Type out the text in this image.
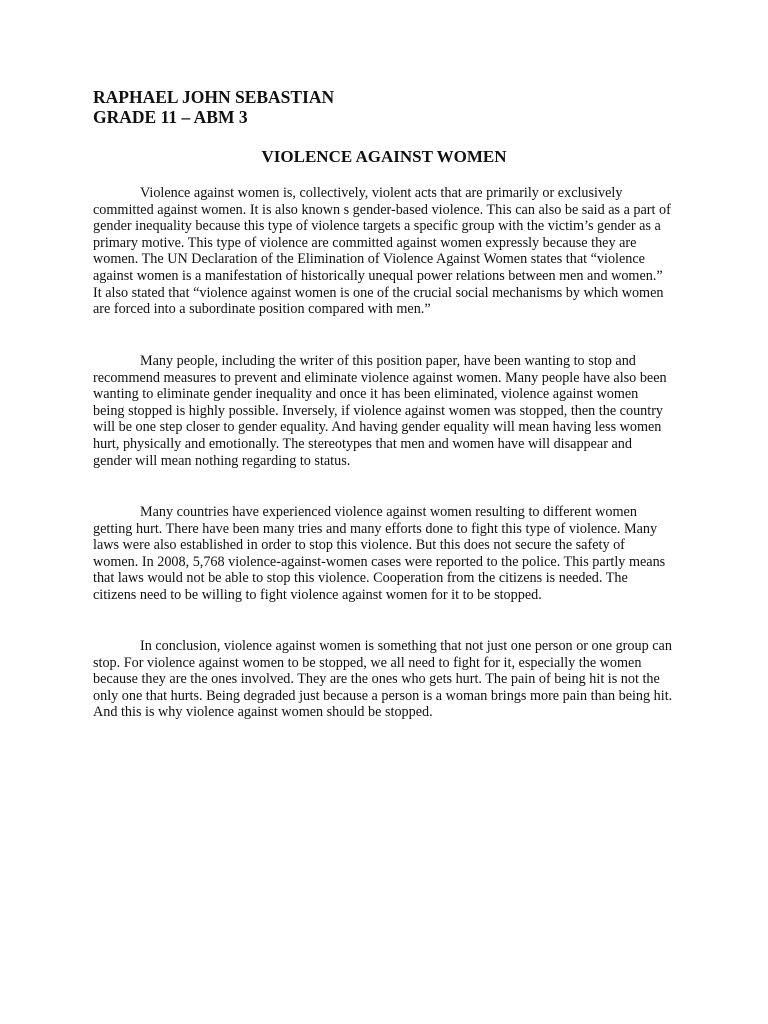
RAPHAEL JOHN SEBASTIAN
GRADE 11 – ABM 3
VIOLENCE AGAINST WOMEN

Violence against women is, collectively, violent acts that are primarily or exclusively committed against women. It is also known s gender-based violence. This can also be said as a part of gender inequality because this type of violence targets a specific group with the victim’s gender as a primary motive. This type of violence are committed against women expressly because they are women. The UN Declaration of the Elimination of Violence Against Women states that “violence against women is a manifestation of historically unequal power relations between men and women.” It also stated that “violence against women is one of the crucial social mechanisms by which women are forced into a subordinate position compared with men.”

Many people, including the writer of this position paper, have been wanting to stop and recommend measures to prevent and eliminate violence against women. Many people have also been wanting to eliminate gender inequality and once it has been eliminated, violence against women being stopped is highly possible. Inversely, if violence against women was stopped, then the country will be one step closer to gender equality. And having gender equality will mean having less women hurt, physically and emotionally. The stereotypes that men and women have will disappear and gender will mean nothing regarding to status.

Many countries have experienced violence against women resulting to different women getting hurt. There have been many tries and many efforts done to fight this type of violence. Many laws were also established in order to stop this violence. But this does not secure the safety of women. In 2008, 5,768 violence-against-women cases were reported to the police. This partly means that laws would not be able to stop this violence. Cooperation from the citizens is needed. The citizens need to be willing to fight violence against women for it to be stopped.

In conclusion, violence against women is something that not just one person or one group can stop. For violence against women to be stopped, we all need to fight for it, especially the women because they are the ones involved. They are the ones who gets hurt. The pain of being hit is not the only one that hurts. Being degraded just because a person is a woman brings more pain than being hit. And this is why violence against women should be stopped.
